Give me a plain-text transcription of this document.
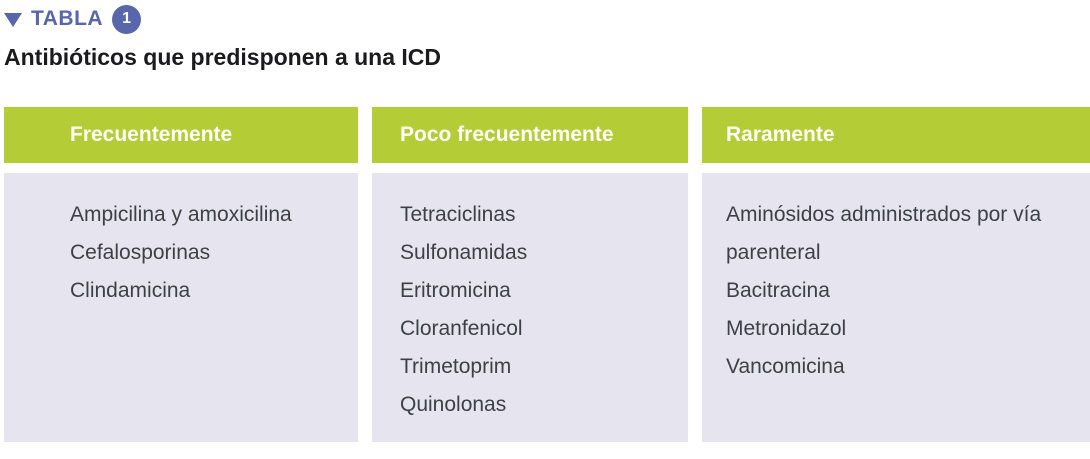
TABLA	1
Antibióticos que predisponen a una ICD
Frecuentemente
Ampicilina y amoxicilina
Cefalosporinas
Clindamicina
Poco frecuentemente
Tetraciclinas
Sulfonamidas
Eritromicina
Cloranfenicol
Trimetoprim
Quinolonas
Raramente
Aminósidos administrados por vía parenteral
Bacitracina
Metronidazol
Vancomicina
